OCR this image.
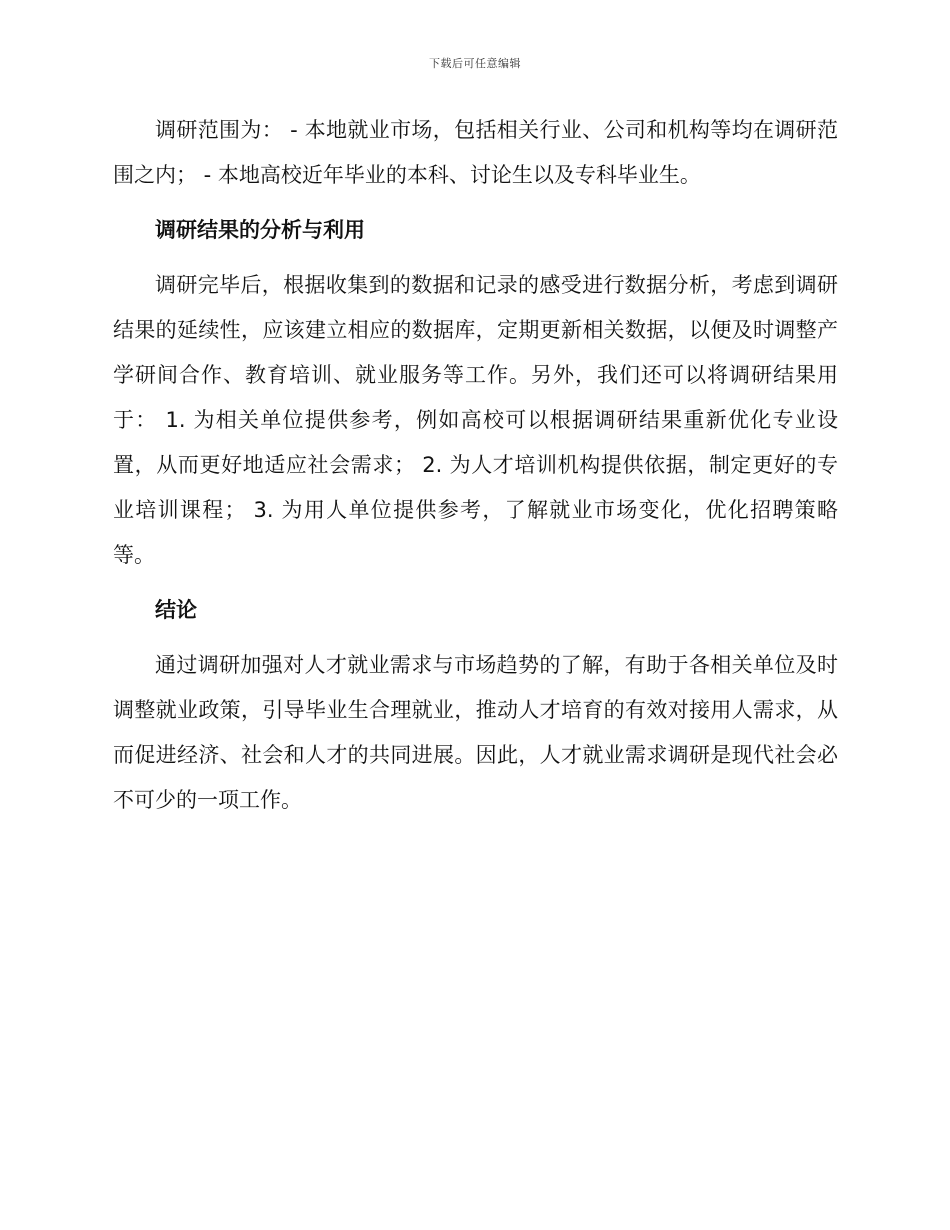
下载后可任意编辑

调研范围为： - 本地就业市场，包括相关行业、公司和机构等均在调研范围之内； - 本地高校近年毕业的本科、讨论生以及专科毕业生。

调研结果的分析与利用

调研完毕后，根据收集到的数据和记录的感受进行数据分析，考虑到调研结果的延续性，应该建立相应的数据库，定期更新相关数据，以便及时调整产学研间合作、教育培训、就业服务等工作。另外，我们还可以将调研结果用于： 1. 为相关单位提供参考，例如高校可以根据调研结果重新优化专业设置，从而更好地适应社会需求； 2. 为人才培训机构提供依据，制定更好的专业培训课程； 3. 为用人单位提供参考，了解就业市场变化，优化招聘策略等。

结论

通过调研加强对人才就业需求与市场趋势的了解，有助于各相关单位及时调整就业政策，引导毕业生合理就业，推动人才培育的有效对接用人需求，从而促进经济、社会和人才的共同进展。因此，人才就业需求调研是现代社会必不可少的一项工作。
